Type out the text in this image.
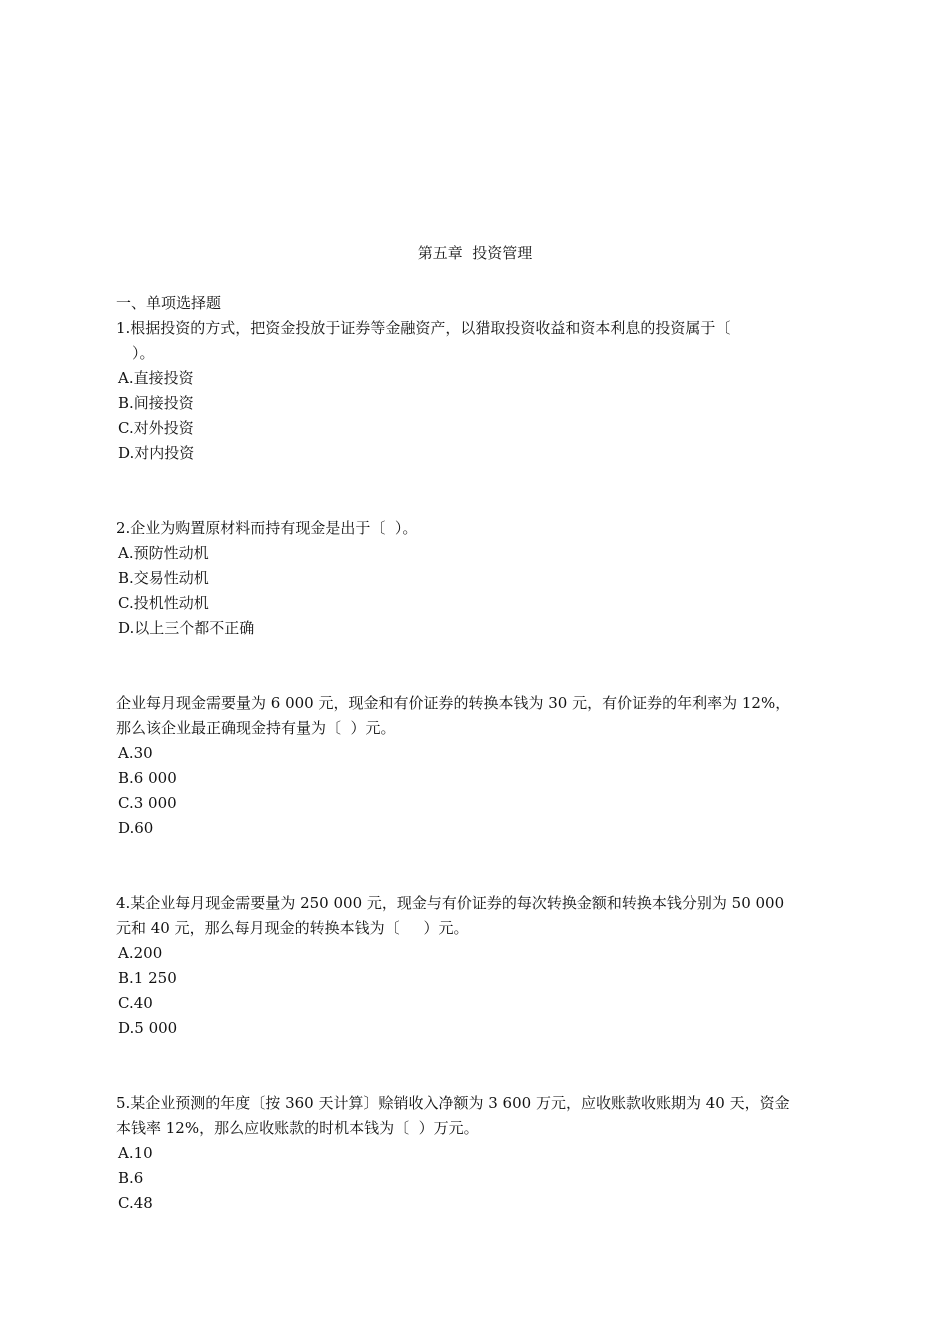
第五章  投资管理
一、单项选择题
1.根据投资的方式，把资金投放于证券等金融资产，以猎取投资收益和资本利息的投资属于〔
）。
A.直接投资
B.间接投资
C.对外投资
D.对内投资
2.企业为购置原材料而持有现金是出于〔  ）。
A.预防性动机
B.交易性动机
C.投机性动机
D.以上三个都不正确
企业每月现金需要量为 6 000 元，现金和有价证券的转换本钱为 30 元，有价证券的年利率为 12%，
那么该企业最正确现金持有量为〔  ）元。
A.30
B.6 000
C.3 000
D.60
4.某企业每月现金需要量为 250 000 元，现金与有价证券的每次转换金额和转换本钱分别为 50 000
元和 40 元，那么每月现金的转换本钱为〔     ）元。
A.200
B.1 250
C.40
D.5 000
5.某企业预测的年度〔按 360 天计算〕赊销收入净额为 3 600 万元，应收账款收账期为 40 天，资金
本钱率 12%，那么应收账款的时机本钱为〔  ）万元。
A.10
B.6
C.48
